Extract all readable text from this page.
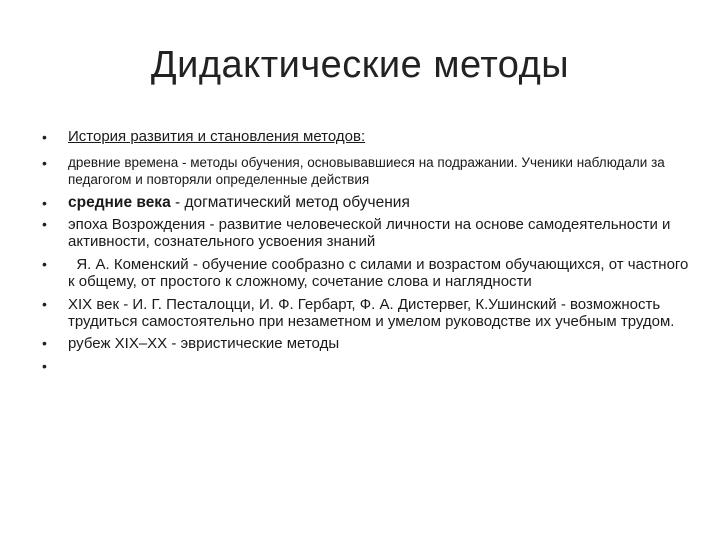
Дидактические методы
• История развития и становления методов:
• древние времена - методы обучения, основывавшиеся на подражании. Ученики наблюдали за педагогом и повторяли определенные действия
• средние века - догматический метод обучения
• эпоха Возрождения - развитие человеческой личности на основе самодеятельности и активности, сознательного усвоения знаний
• Я. А. Коменский - обучение сообразно с силами и возрастом обучающихся, от частного к общему, от простого к сложному, сочетание слова и наглядности
• XIX век - И. Г. Песталоцци, И. Ф. Гербарт, Ф. А. Дистервег, К.Ушинский - возможность трудиться самостоятельно при незаметном и умелом руководстве их учебным трудом.
• рубеж XIX–XX - эвристические методы
•
